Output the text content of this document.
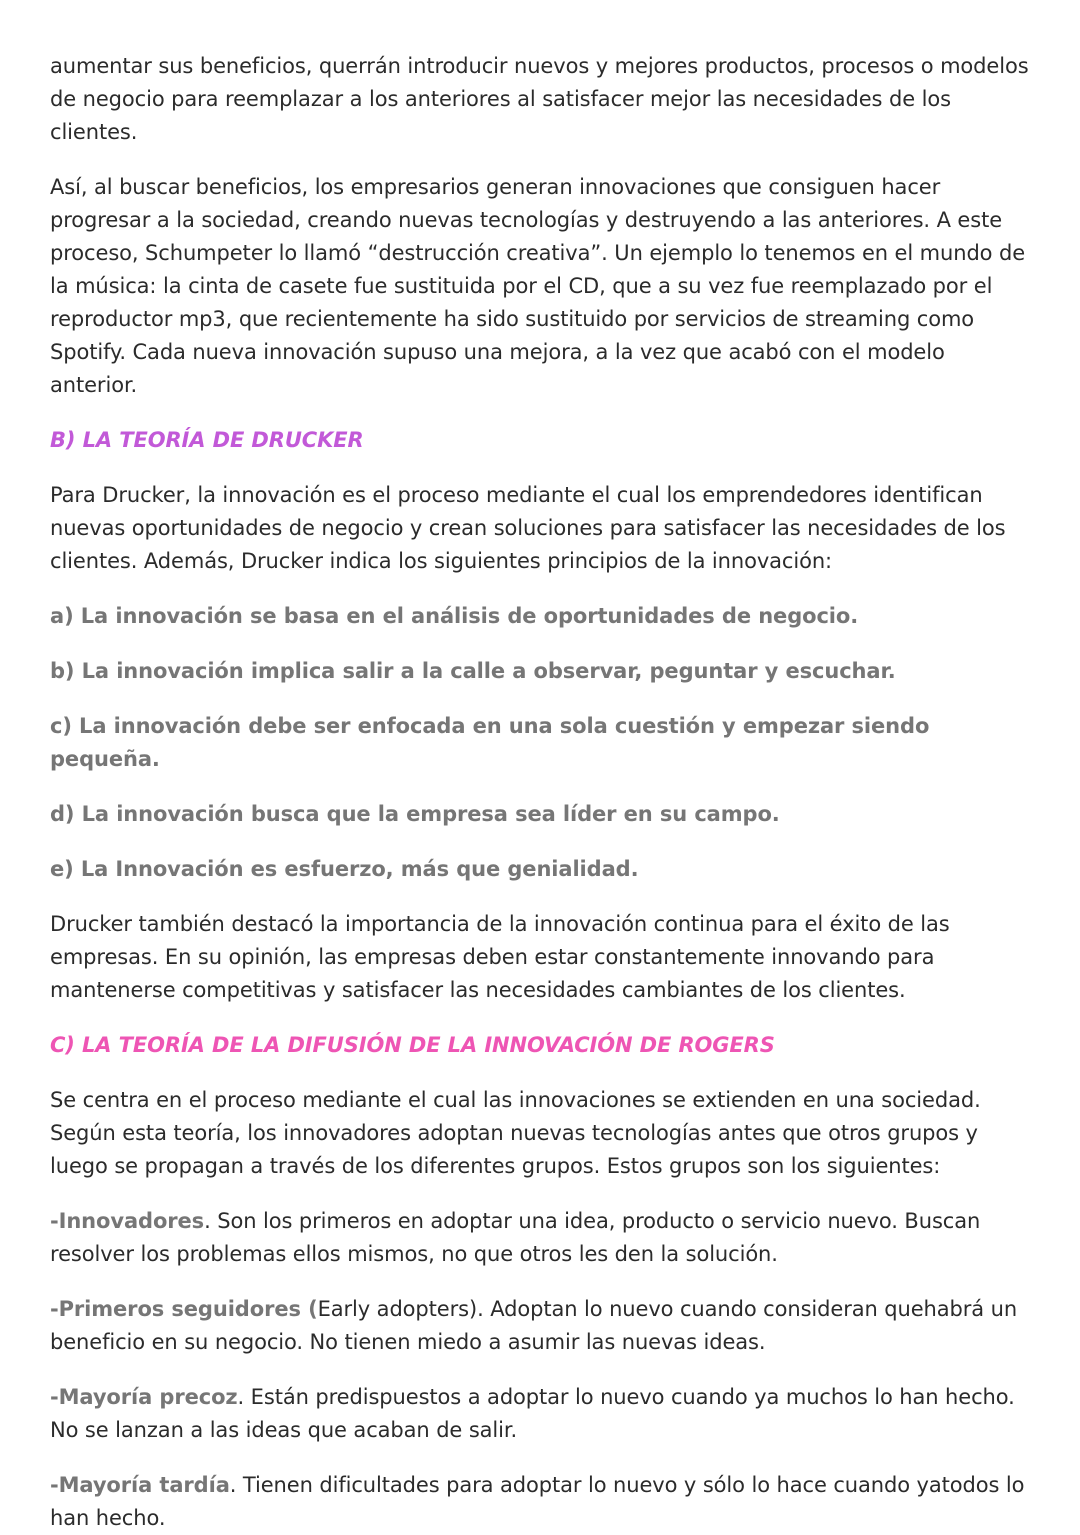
aumentar sus beneficios, querrán introducir nuevos y mejores productos, procesos o modelos de negocio para reemplazar a los anteriores al satisfacer mejor las necesidades de los clientes.

Así, al buscar beneficios, los empresarios generan innovaciones que consiguen hacer progresar a la sociedad, creando nuevas tecnologías y destruyendo a las anteriores. A este proceso, Schumpeter lo llamó “destrucción creativa”. Un ejemplo lo tenemos en el mundo de la música: la cinta de casete fue sustituida por el CD, que a su vez fue reemplazado por el reproductor mp3, que recientemente ha sido sustituido por servicios de streaming como Spotify. Cada nueva innovación supuso una mejora, a la vez que acabó con el modelo anterior.

B) LA TEORÍA DE DRUCKER

Para Drucker, la innovación es el proceso mediante el cual los emprendedores identifican nuevas oportunidades de negocio y crean soluciones para satisfacer las necesidades de los clientes. Además, Drucker indica los siguientes principios de la innovación:

a) La innovación se basa en el análisis de oportunidades de negocio.

b) La innovación implica salir a la calle a observar, peguntar y escuchar.

c) La innovación debe ser enfocada en una sola cuestión y empezar siendo pequeña.

d) La innovación busca que la empresa sea líder en su campo.

e) La Innovación es esfuerzo, más que genialidad.

Drucker también destacó la importancia de la innovación continua para el éxito de las empresas. En su opinión, las empresas deben estar constantemente innovando para mantenerse competitivas y satisfacer las necesidades cambiantes de los clientes.

C) LA TEORÍA DE LA DIFUSIÓN DE LA INNOVACIÓN DE ROGERS

Se centra en el proceso mediante el cual las innovaciones se extienden en una sociedad. Según esta teoría, los innovadores adoptan nuevas tecnologías antes que otros grupos y luego se propagan a través de los diferentes grupos. Estos grupos son los siguientes:

-Innovadores. Son los primeros en adoptar una idea, producto o servicio nuevo. Buscan resolver los problemas ellos mismos, no que otros les den la solución.

-Primeros seguidores (Early adopters). Adoptan lo nuevo cuando consideran quehabrá un beneficio en su negocio. No tienen miedo a asumir las nuevas ideas.

-Mayoría precoz. Están predispuestos a adoptar lo nuevo cuando ya muchos lo han hecho. No se lanzan a las ideas que acaban de salir.

-Mayoría tardía. Tienen dificultades para adoptar lo nuevo y sólo lo hace cuando yatodos lo han hecho.
